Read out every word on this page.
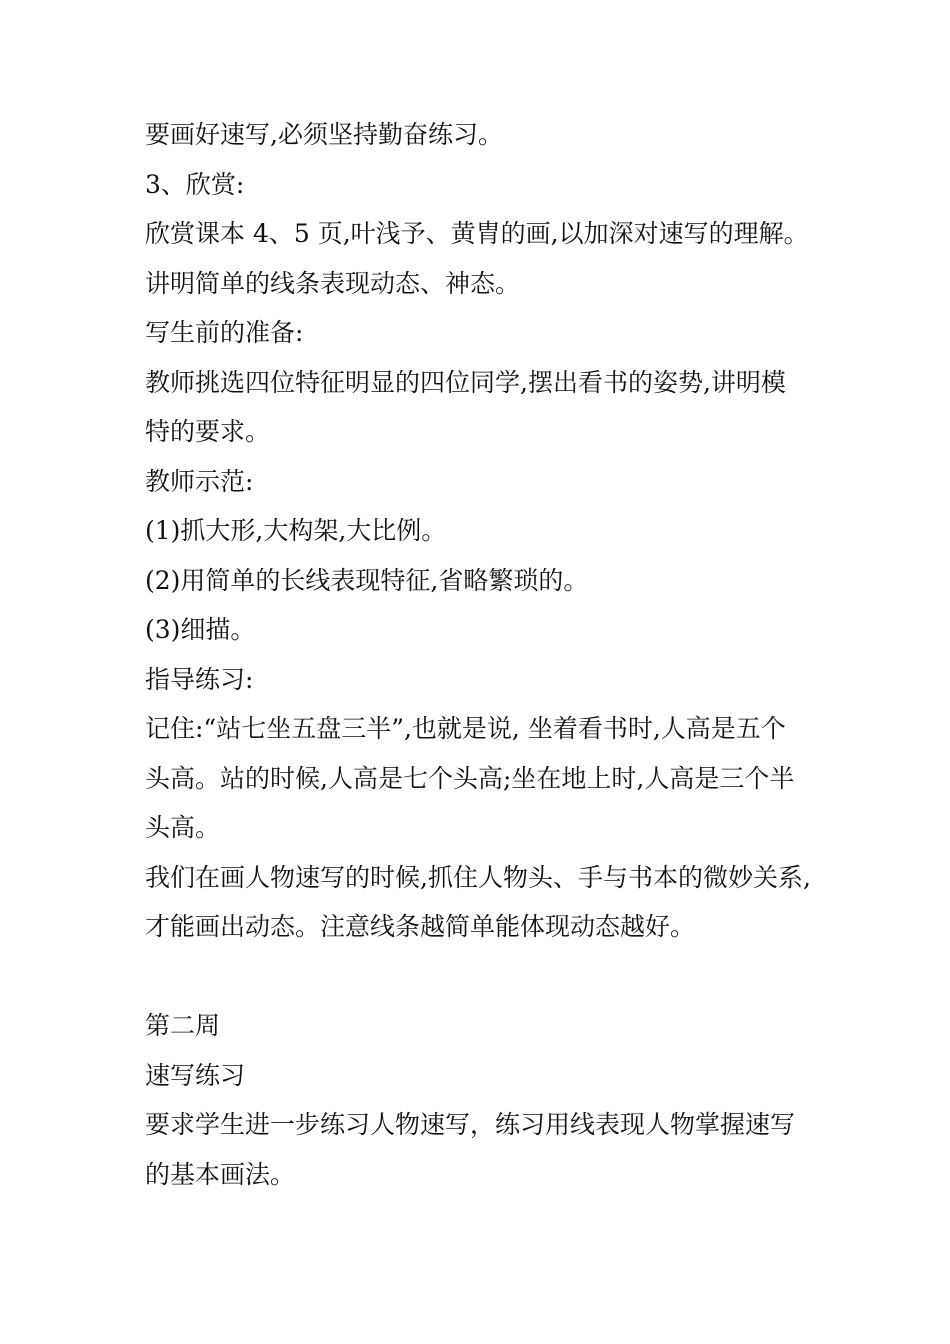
要画好速写,必须坚持勤奋练习。
3、欣赏:
欣赏课本 4、5 页,叶浅予、黄胄的画,以加深对速写的理解。
讲明简单的线条表现动态、神态。
写生前的准备:
教师挑选四位特征明显的四位同学,摆出看书的姿势,讲明模
特的要求。
教师示范:
(1)抓大形,大构架,大比例。
(2)用简单的长线表现特征,省略繁琐的。
(3)细描。
指导练习:
记住:“站七坐五盘三半”,也就是说, 坐着看书时,人高是五个
头高。站的时候,人高是七个头高;坐在地上时,人高是三个半
头高。
我们在画人物速写的时候,抓住人物头、手与书本的微妙关系,
才能画出动态。注意线条越简单能体现动态越好。
第二周
速写练习
要求学生进一步练习人物速写，练习用线表现人物掌握速写
的基本画法。
